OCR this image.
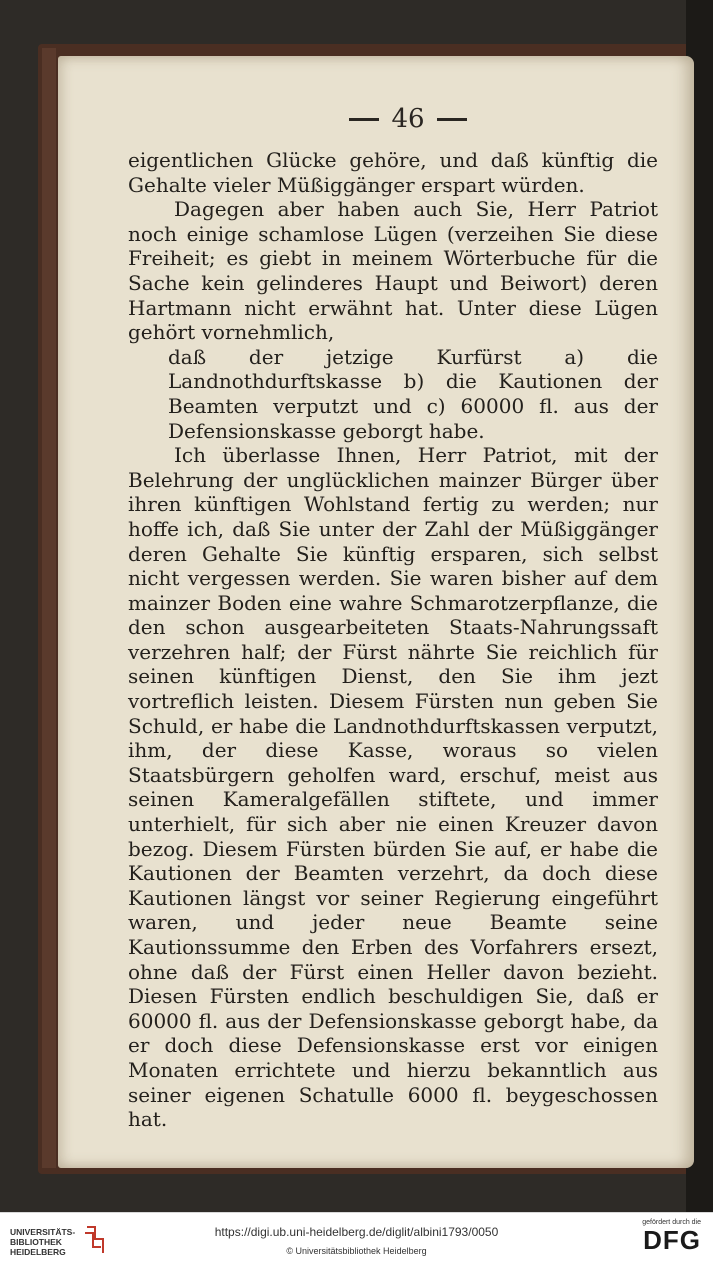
46

eigentlichen Glücke gehöre, und daß künftig die Gehalte vieler Müßiggänger erspart würden.

Dagegen aber haben auch Sie, Herr Patriot noch einige schamlose Lügen (verzeihen Sie diese Freiheit; es giebt in meinem Wörterbuche für die Sache kein gelinderes Haupt und Beiwort) deren Hartmann nicht erwähnt hat. Unter diese Lügen gehört vornehmlich,

daß der jetzige Kurfürst a) die Landnothdurftskasse b) die Kautionen der Beamten verputzt und c) 60000 fl. aus der Defensionskasse geborgt habe.

Ich überlasse Ihnen, Herr Patriot, mit der Belehrung der unglücklichen mainzer Bürger über ihren künftigen Wohlstand fertig zu werden; nur hoffe ich, daß Sie unter der Zahl der Müßiggänger deren Gehalte Sie künftig ersparen, sich selbst nicht vergessen werden. Sie waren bisher auf dem mainzer Boden eine wahre Schmarotzerpflanze, die den schon ausgearbeiteten Staats-Nahrungssaft verzehren half; der Fürst nährte Sie reichlich für seinen künftigen Dienst, den Sie ihm jezt vortreflich leisten. Diesem Fürsten nun geben Sie Schuld, er habe die Landnothdurftskassen verputzt, ihm, der diese Kasse, woraus so vielen Staatsbürgern geholfen ward, erschuf, meist aus seinen Kameralgefällen stiftete, und immer unterhielt, für sich aber nie einen Kreuzer davon bezog. Diesem Fürsten bürden Sie auf, er habe die Kautionen der Beamten verzehrt, da doch diese Kautionen längst vor seiner Regierung eingeführt waren, und jeder neue Beamte seine Kautionssumme den Erben des Vorfahrers ersezt, ohne daß der Fürst einen Heller davon bezieht. Diesen Fürsten endlich beschuldigen Sie, daß er 60000 fl. aus der Defensionskasse geborgt habe, da er doch diese Defensionskasse erst vor einigen Monaten errichtete und hierzu bekanntlich aus seiner eigenen Schatulle 6000 fl. beygeschossen hat.

UNIVERSITÄTS-
BIBLIOTHEK
HEIDELBERG
https://digi.ub.uni-heidelberg.de/diglit/albini1793/0050
© Universitätsbibliothek Heidelberg
gefördert durch die
DFG
